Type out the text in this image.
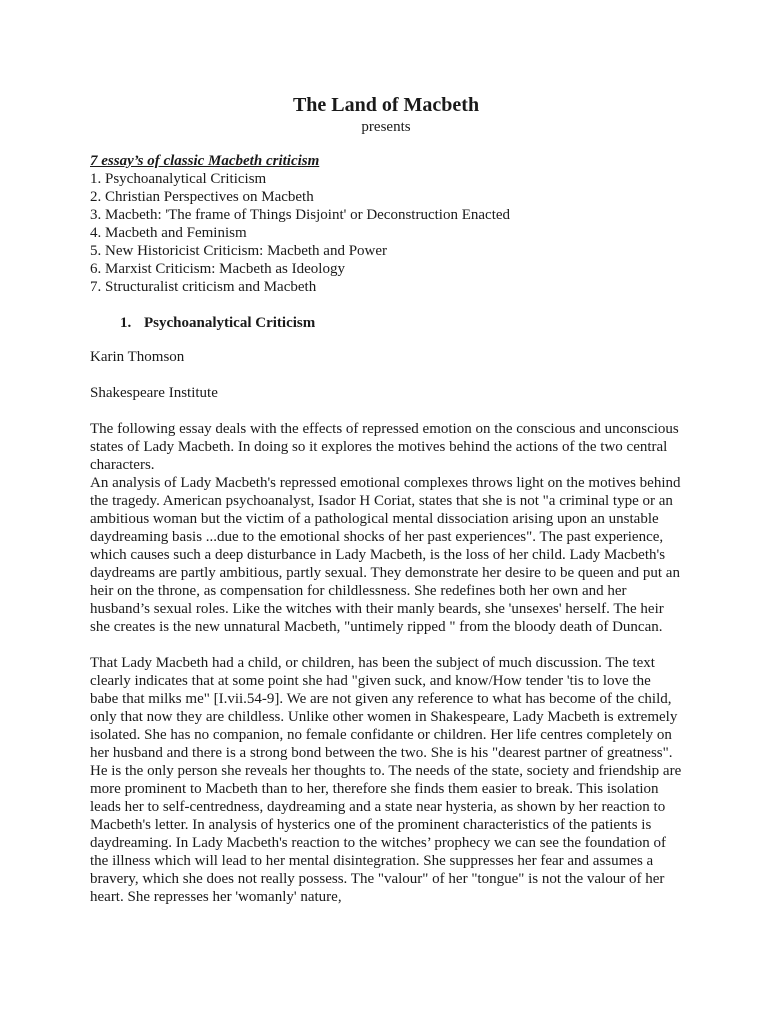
The Land of Macbeth

presents

7 essay’s of classic Macbeth criticism

1. Psychoanalytical Criticism
2. Christian Perspectives on Macbeth
3. Macbeth: 'The frame of Things Disjoint' or Deconstruction Enacted
4. Macbeth and Feminism
5. New Historicist Criticism: Macbeth and Power
6. Marxist Criticism: Macbeth as Ideology
7. Structuralist criticism and Macbeth

1. Psychoanalytical Criticism

Karin Thomson

Shakespeare Institute

The following essay deals with the effects of repressed emotion on the conscious and unconscious states of Lady Macbeth. In doing so it explores the motives behind the actions of the two central characters.

An analysis of Lady Macbeth's repressed emotional complexes throws light on the motives behind the tragedy. American psychoanalyst, Isador H Coriat, states that she is not "a criminal type or an ambitious woman but the victim of a pathological mental dissociation arising upon an unstable daydreaming basis ...due to the emotional shocks of her past experiences". The past experience, which causes such a deep disturbance in Lady Macbeth, is the loss of her child. Lady Macbeth's daydreams are partly ambitious, partly sexual. They demonstrate her desire to be queen and put an heir on the throne, as compensation for childlessness. She redefines both her own and her husband’s sexual roles. Like the witches with their manly beards, she 'unsexes' herself. The heir she creates is the new unnatural Macbeth, "untimely ripped " from the bloody death of Duncan.

That Lady Macbeth had a child, or children, has been the subject of much discussion. The text clearly indicates that at some point she had "given suck, and know/How tender 'tis to love the babe that milks me" [I.vii.54-9]. We are not given any reference to what has become of the child, only that now they are childless. Unlike other women in Shakespeare, Lady Macbeth is extremely isolated. She has no companion, no female confidante or children. Her life centres completely on her husband and there is a strong bond between the two. She is his "dearest partner of greatness". He is the only person she reveals her thoughts to. The needs of the state, society and friendship are more prominent to Macbeth than to her, therefore she finds them easier to break. This isolation leads her to self-centredness, daydreaming and a state near hysteria, as shown by her reaction to Macbeth's letter. In analysis of hysterics one of the prominent characteristics of the patients is daydreaming. In Lady Macbeth's reaction to the witches’ prophecy we can see the foundation of the illness which will lead to her mental disintegration. She suppresses her fear and assumes a bravery, which she does not really possess. The "valour" of her "tongue" is not the valour of her heart. She represses her 'womanly' nature,
